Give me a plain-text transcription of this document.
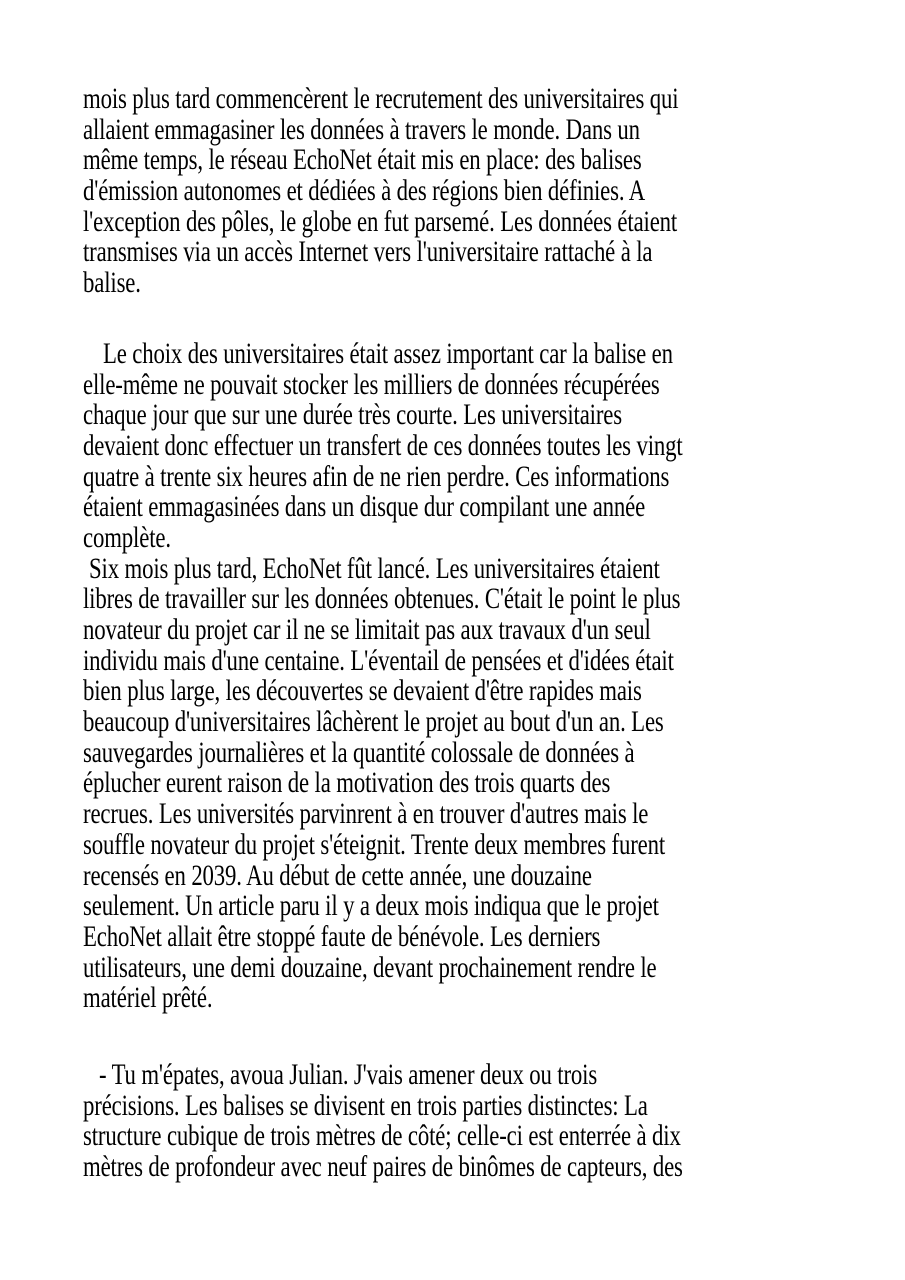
mois plus tard commencèrent le recrutement des universitaires qui
allaient emmagasiner les données à travers le monde. Dans un
même temps, le réseau EchoNet était mis en place: des balises
d'émission autonomes et dédiées à des régions bien définies. A
l'exception des pôles, le globe en fut parsemé. Les données étaient
transmises via un accès Internet vers l'universitaire rattaché à la
balise.
Le choix des universitaires était assez important car la balise en
elle-même ne pouvait stocker les milliers de données récupérées
chaque jour que sur une durée très courte. Les universitaires
devaient donc effectuer un transfert de ces données toutes les vingt
quatre à trente six heures afin de ne rien perdre. Ces informations
étaient emmagasinées dans un disque dur compilant une année
complète.
Six mois plus tard, EchoNet fût lancé. Les universitaires étaient
libres de travailler sur les données obtenues. C'était le point le plus
novateur du projet car il ne se limitait pas aux travaux d'un seul
individu mais d'une centaine. L'éventail de pensées et d'idées était
bien plus large, les découvertes se devaient d'être rapides mais
beaucoup d'universitaires lâchèrent le projet au bout d'un an. Les
sauvegardes journalières et la quantité colossale de données à
éplucher eurent raison de la motivation des trois quarts des
recrues. Les universités parvinrent à en trouver d'autres mais le
souffle novateur du projet s'éteignit. Trente deux membres furent
recensés en 2039. Au début de cette année, une douzaine
seulement. Un article paru il y a deux mois indiqua que le projet
EchoNet allait être stoppé faute de bénévole. Les derniers
utilisateurs, une demi douzaine, devant prochainement rendre le
matériel prêté.
- Tu m'épates, avoua Julian. J'vais amener deux ou trois
précisions. Les balises se divisent en trois parties distinctes: La
structure cubique de trois mètres de côté; celle-ci est enterrée à dix
mètres de profondeur avec neuf paires de binômes de capteurs, des
